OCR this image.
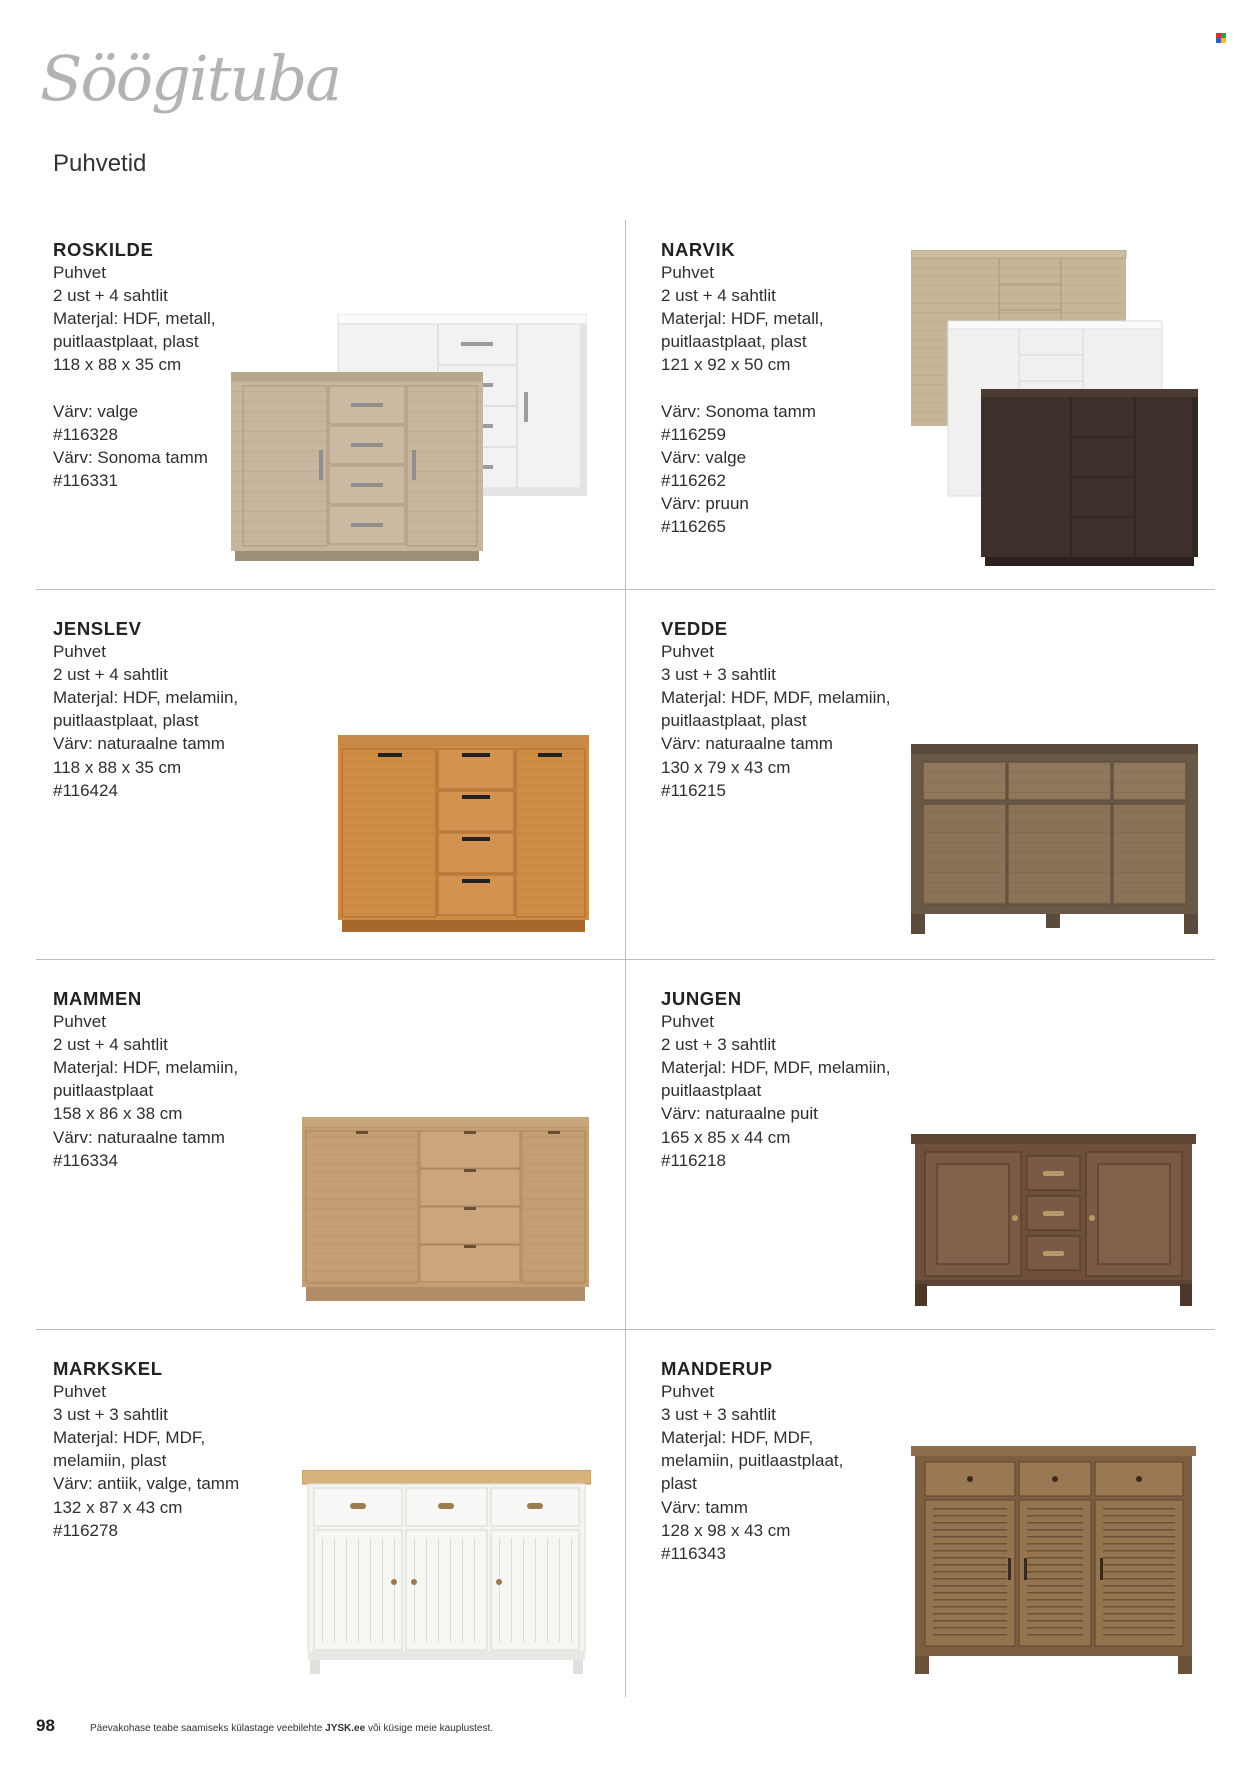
Söögituba
Puhvetid
ROSKILDE
Puhvet
2 ust + 4 sahtlit
Materjal: HDF, metall,
puitlaastplaat, plast
118 x 88 x 35 cm
Värv: valge
#116328
Värv: Sonoma tamm
#116331
NARVIK
Puhvet
2 ust + 4 sahtlit
Materjal: HDF, metall,
puitlaastplaat, plast
121 x 92 x 50 cm
Värv: Sonoma tamm
#116259
Värv: valge
#116262
Värv: pruun
#116265
JENSLEV
Puhvet
2 ust + 4 sahtlit
Materjal: HDF, melamiin,
puitlaastplaat, plast
Värv: naturaalne tamm
118 x 88 x 35 cm
#116424
VEDDE
Puhvet
3 ust + 3 sahtlit
Materjal: HDF, MDF, melamiin,
puitlaastplaat, plast
Värv: naturaalne tamm
130 x 79 x 43 cm
#116215
MAMMEN
Puhvet
2 ust + 4 sahtlit
Materjal: HDF, melamiin,
puitlaastplaat
158 x 86 x 38 cm
Värv: naturaalne tamm
#116334
JUNGEN
Puhvet
2 ust + 3 sahtlit
Materjal: HDF, MDF, melamiin,
puitlaastplaat
Värv: naturaalne puit
165 x 85 x 44 cm
#116218
MARKSKEL
Puhvet
3 ust + 3 sahtlit
Materjal: HDF, MDF,
melamiin, plast
Värv: antiik, valge, tamm
132 x 87 x 43 cm
#116278
MANDERUP
Puhvet
3 ust + 3 sahtlit
Materjal: HDF, MDF,
melamiin, puitlaastplaat,
plast
Värv: tamm
128 x 98 x 43 cm
#116343
98	Päevakohase teabe saamiseks külastage veebilehte JYSK.ee või küsige meie kauplustest.
